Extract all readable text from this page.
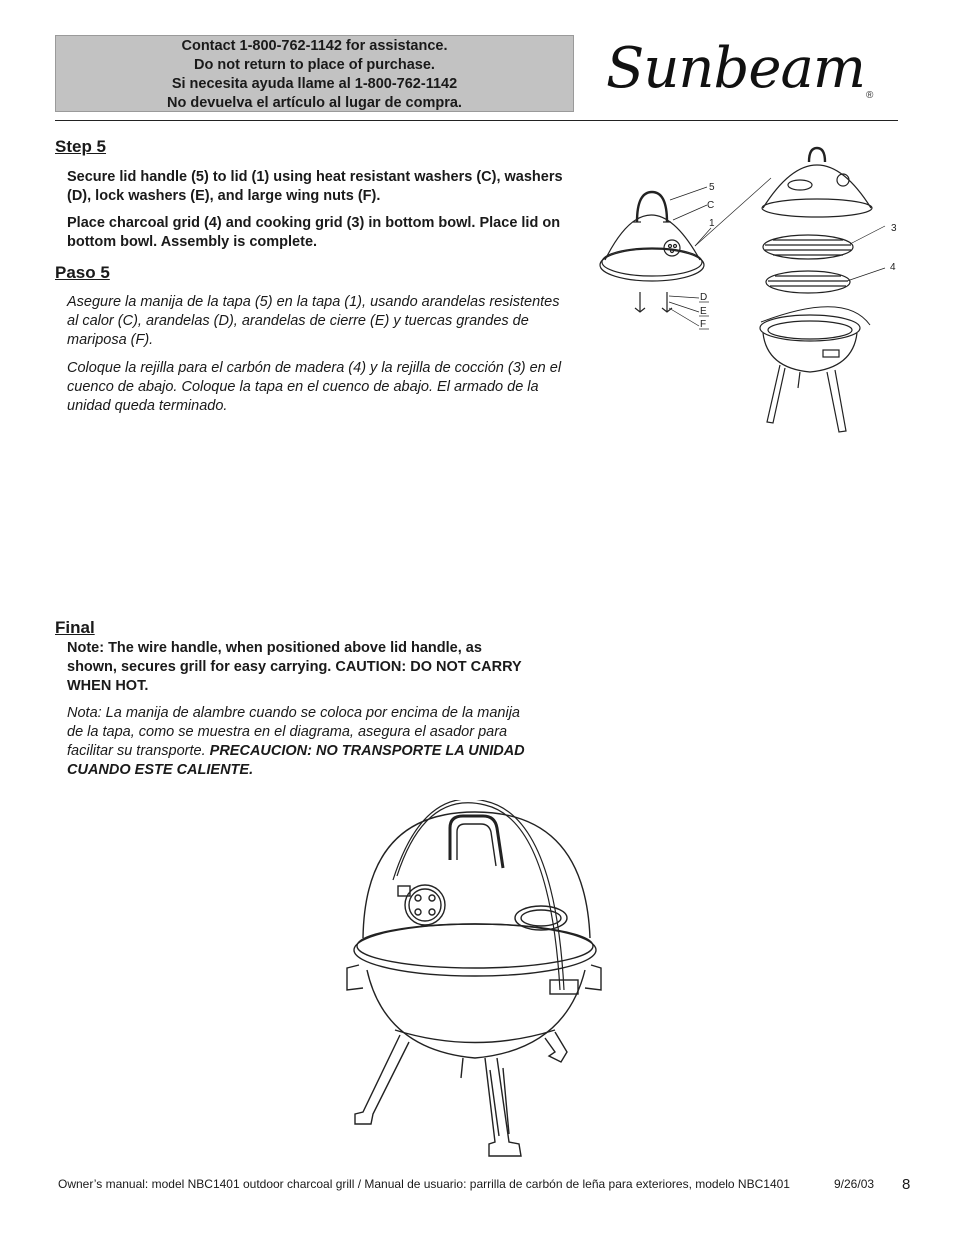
Contact 1-800-762-1142 for assistance.
Do not return to place of purchase.
Si necesita ayuda llame al 1-800-762-1142
No devuelva el artículo al lugar de compra.
Sunbeam ®
Step 5

Secure lid handle (5) to lid (1) using heat resistant washers (C), washers (D), lock washers (E), and large wing nuts (F).

Place charcoal grid (4) and cooking grid (3) in bottom bowl. Place lid on bottom bowl. Assembly is complete.

Paso 5

Asegure la manija de la tapa (5) en la tapa (1), usando arandelas resistentes al calor (C), arandelas (D), arandelas de cierre (E) y tuercas grandes de mariposa (F).

Coloque la rejilla para el carbón de madera (4) y la rejilla de cocción (3) en el cuenco de abajo. Coloque la tapa en el cuenco de abajo. El armado de la unidad queda terminado.

5
C
1	3
4
D
E
F
Final

Note: The wire handle, when positioned above lid handle, as shown, secures grill for easy carrying. CAUTION: DO NOT CARRY WHEN HOT.

Nota: La manija de alambre cuando se coloca por encima de la manija de la tapa, como se muestra en el diagrama, asegura el asador para facilitar su transporte. PRECAUCION: NO TRANSPORTE LA UNIDAD CUANDO ESTE CALIENTE.

Owner’s manual: model NBC1401 outdoor charcoal grill / Manual de usuario: parrilla de carbón de leña para exteriores, modelo NBC1401	9/26/03 8
